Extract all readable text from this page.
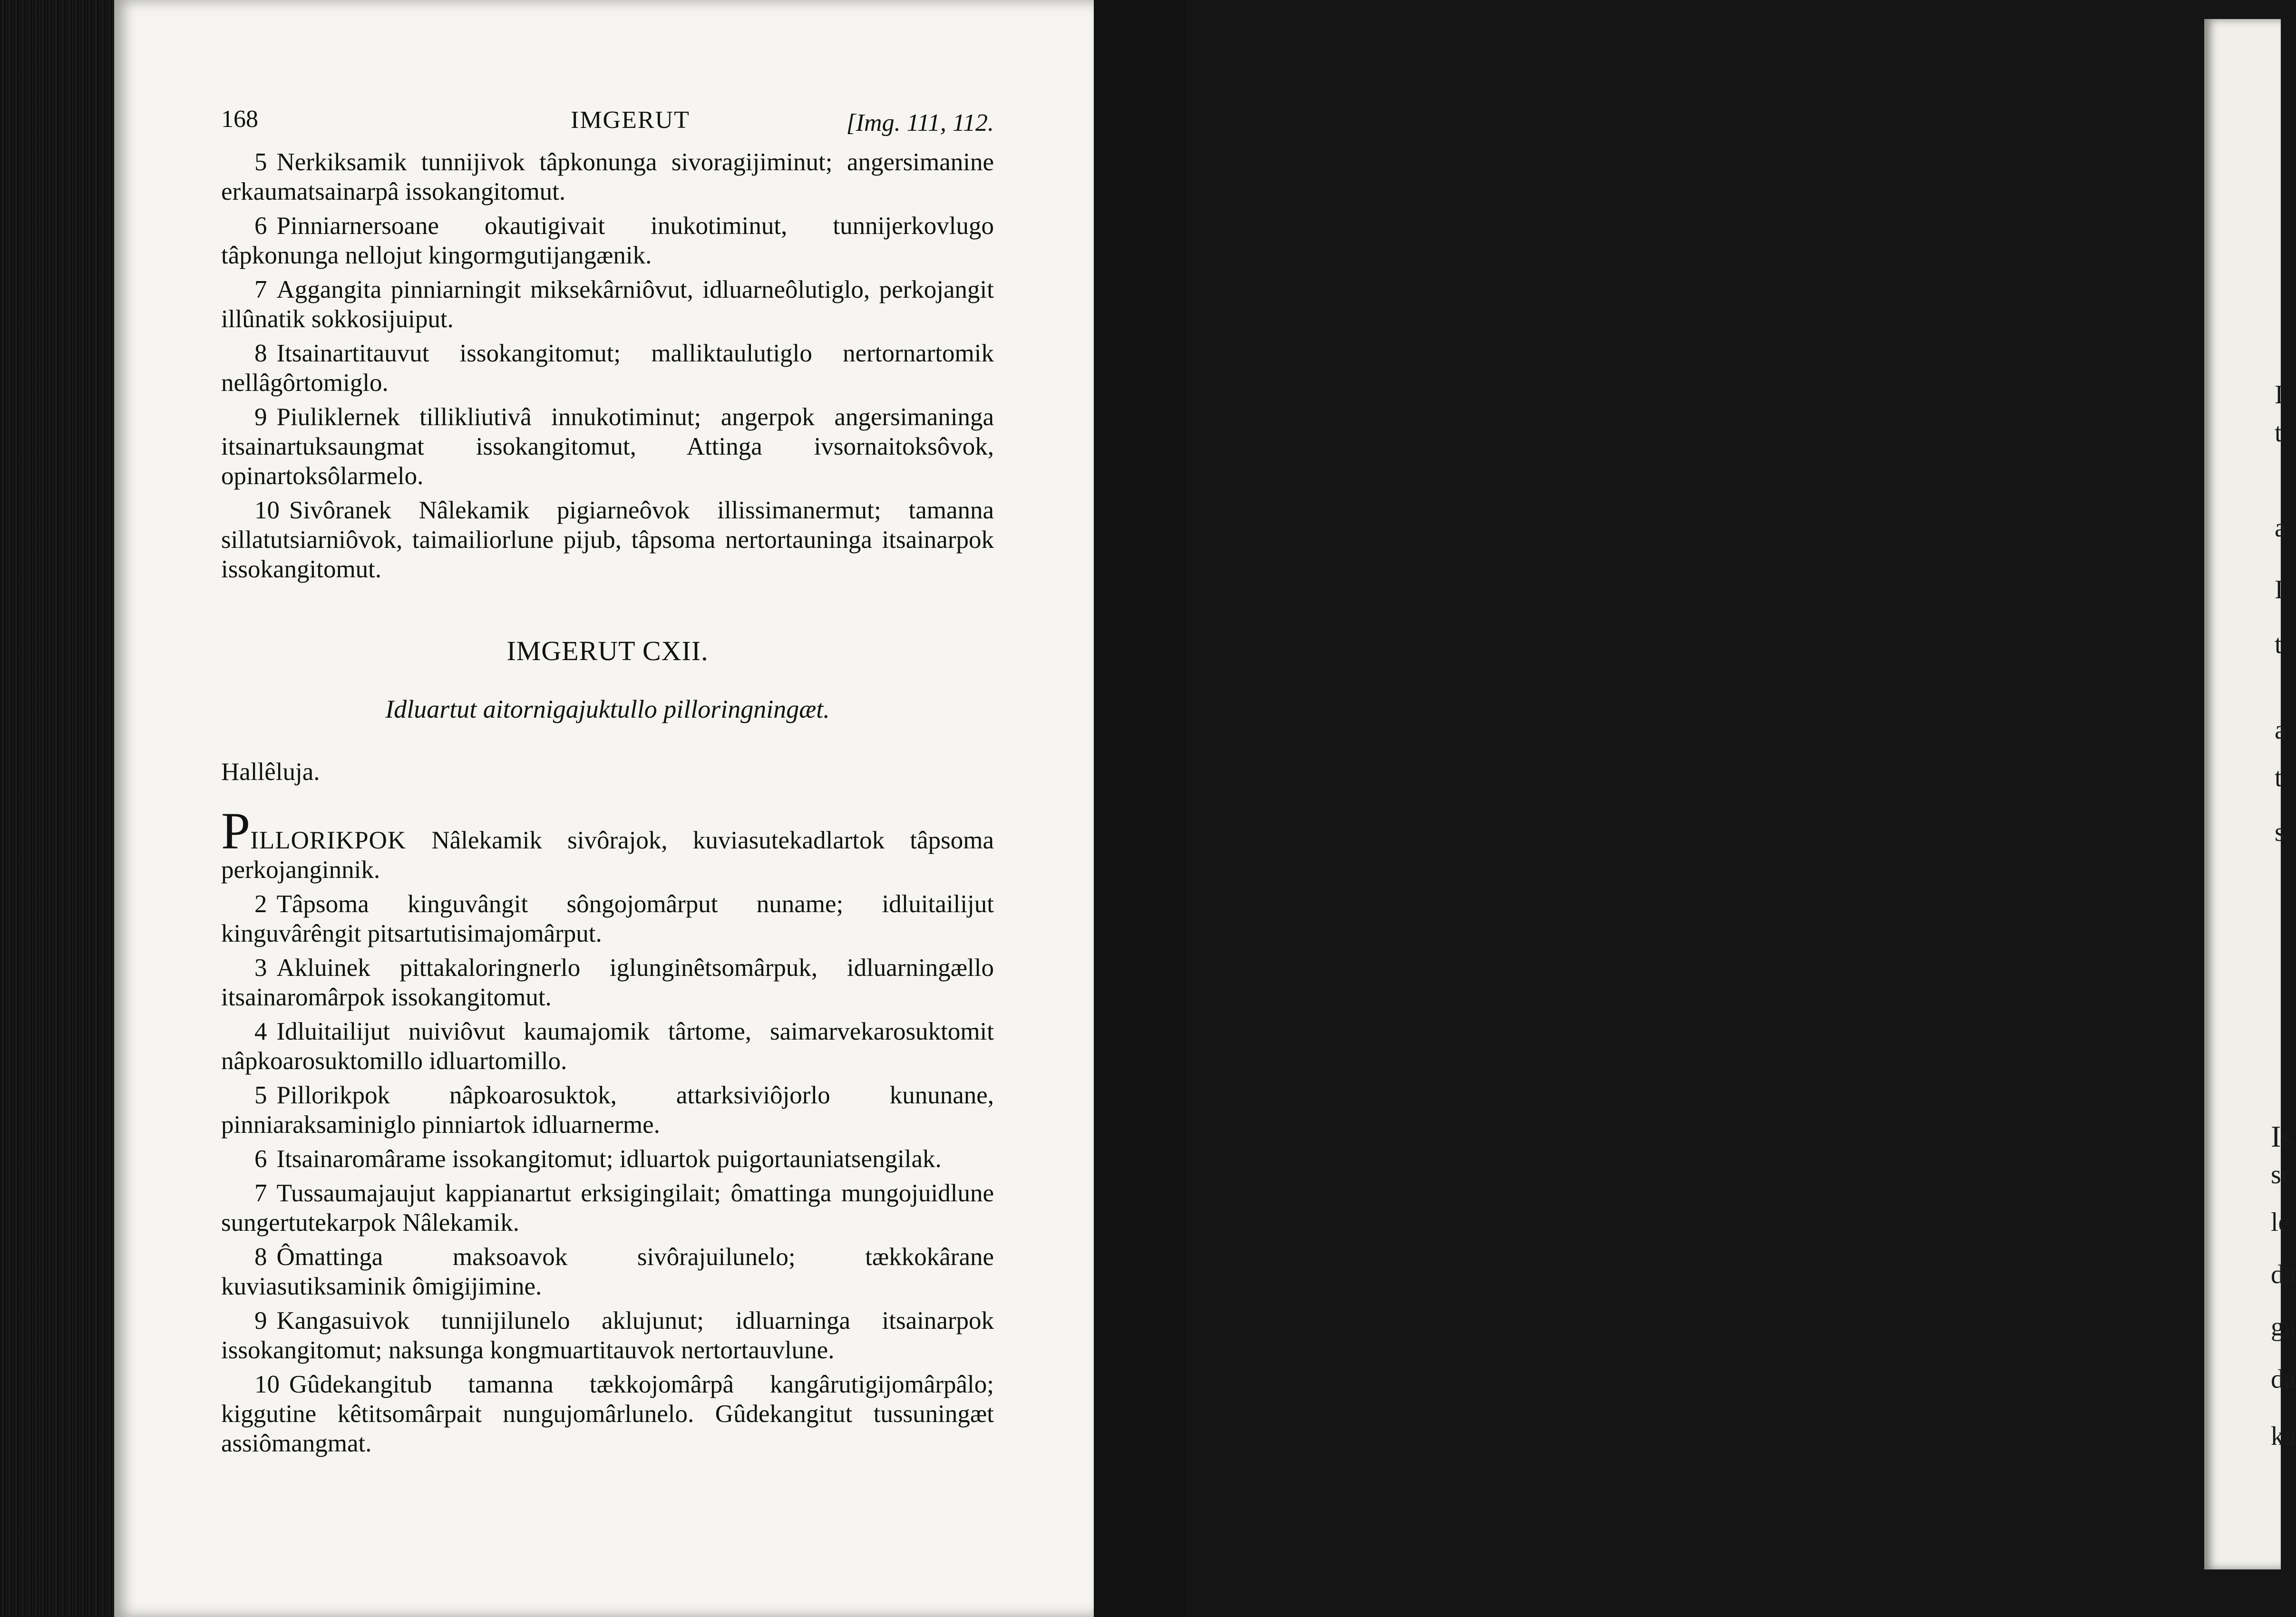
I
t
a
I
t
a
t
s
Is
sc
le
da
ga
da
ka
168	IMGERUT	[Img. 111, 112.

5 Nerkiksamik tunnijivok tâpkonunga sivoragijiminut; angersimanine erkaumatsainarpâ issokangitomut.

6 Pinniarnersoane okautigivait inukotiminut, tunnijerkovlugo tâpkonunga nellojut kingormgutijangænik.

7 Aggangita pinniarningit miksekârniôvut, idluarneôlutiglo, perkojangit illûnatik sokkosijuiput.

8 Itsainartitauvut issokangitomut; malliktaulutiglo nertornartomik nellâgôrtomiglo.

9 Piuliklernek tillikliutivâ innukotiminut; angerpok angersimaninga itsainartuksaungmat issokangitomut, Attinga ivsornaitoksôvok, opinartoksôlarmelo.

10 Sivôranek Nâlekamik pigiarneôvok illissimanermut; tamanna sillatutsiarniôvok, taimailiorlune pijub, tâpsoma nertortauninga itsainarpok issokangitomut.

IMGERUT CXII.
Idluartut aitornigajuktullo pilloringningæt.

Hallêluja.

PILLORIKPOK Nâlekamik sivôrajok, kuviasutekadlartok tâpsoma perkojanginnik.

2 Tâpsoma kinguvângit sôngojomârput nuname; idluitailijut kinguvârêngit pitsartutisimajomârput.

3 Akluinek pittakaloringnerlo iglunginêtsomârpuk, idluarningællo itsainaromârpok issokangitomut.

4 Idluitailijut nuiviôvut kaumajomik târtome, saimarvekarosuktomit nâpkoarosuktomillo idluartomillo.

5 Pillorikpok nâpkoarosuktok, attarksiviôjorlo kununane, pinniaraksaminiglo pinniartok idluarnerme.

6 Itsainaromârame issokangitomut; idluartok puigortauniatsengilak.

7 Tussaumajaujut kappianartut erksigingilait; ômattinga mungojuidlune sungertutekarpok Nâlekamik.

8 Ômattinga maksoavok sivôrajuilunelo; tækkokârane kuviasutiksaminik ômigijimine.

9 Kangasuivok tunnijilunelo aklujunut; idluarninga itsainarpok issokangitomut; naksunga kongmuartitauvok nertortauvlune.

10 Gûdekangitub tamanna tækkojomârpâ kangârutigijomârpâlo; kiggutine kêtitsomârpait nungujomârlunelo. Gûdekangitut tussuningæt assiômangmat.
